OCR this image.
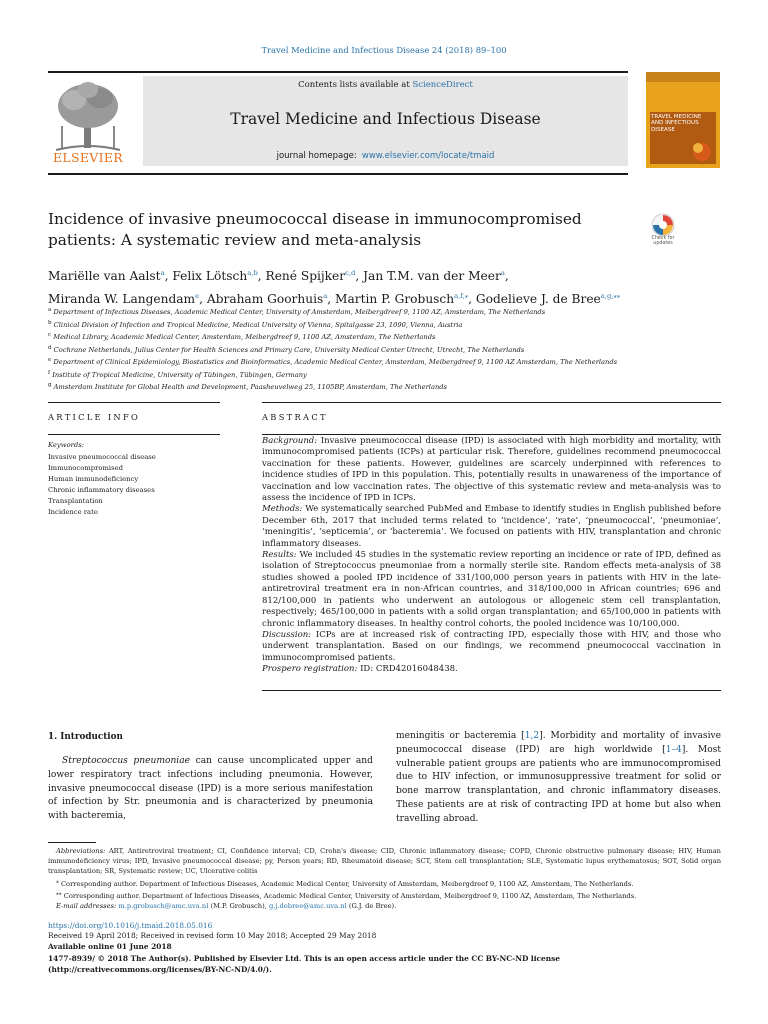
Travel Medicine and Infectious Disease 24 (2018) 89–100
ELSEVIER
Contents lists available at ScienceDirect
Travel Medicine and Infectious Disease
journal homepage: www.elsevier.com/locate/tmaid
TRAVEL MEDICINE
AND INFECTIOUS
DISEASE
Incidence of invasive pneumococcal disease in immunocompromised
patients: A systematic review and meta-analysis	Check for
updates
Mariëlle van Aalst$^a$, Felix Lötsch$^{a,b}$, René Spijker$^{c,d}$, Jan T.M. van der Meer$^a$,
Miranda W. Langendam$^e$, Abraham Goorhuis$^a$, Martin P. Grobusch$^{a,f,⁎}$, Godelieve J. de Bree$^{a,g,⁎⁎}$
$^a$ Department of Infectious Diseases, Academic Medical Center, University of Amsterdam, Meibergdreef 9, 1100 AZ, Amsterdam, The Netherlands
$^b$ Clinical Division of Infection and Tropical Medicine, Medical University of Vienna, Spitalgasse 23, 1090, Vienna, Austria
$^c$ Medical Library, Academic Medical Center, Amsterdam, Meibergdreef 9, 1100 AZ, Amsterdam, The Netherlands
$^d$ Cochrane Netherlands, Julius Center for Health Sciences and Primary Care, University Medical Center Utrecht, Utrecht, The Netherlands
$^e$ Department of Clinical Epidemiology, Biostatistics and Bioinformatics, Academic Medical Center, Amsterdam, Meibergdreef 9, 1100 AZ Amsterdam, The Netherlands
$^f$ Institute of Tropical Medicine, University of Tübingen, Tübingen, Germany
$^g$ Amsterdam Institute for Global Health and Development, Paasheuvelweg 25, 1105BP, Amsterdam, The Netherlands
ARTICLE INFO	ABSTRACT
Keywords:
Invasive pneumococcal disease
Immunocompromised
Human immunodeficiency
Chronic inflammatory diseases
Transplantation
Incidence rate

Background: Invasive pneumococcal disease (IPD) is associated with high morbidity and mortality, with immunocompromised patients (ICPs) at particular risk. Therefore, guidelines recommend pneumococcal vaccination for these patients. However, guidelines are scarcely underpinned with references to incidence studies of IPD in this population. This, potentially results in unawareness of the importance of vaccination and low vaccination rates. The objective of this systematic review and meta-analysis was to assess the incidence of IPD in ICPs.

Methods: We systematically searched PubMed and Embase to identify studies in English published before December 6th, 2017 that included terms related to ‘incidence’, ‘rate’, ‘pneumococcal’, ‘pneumoniae’, ‘meningitis’, ‘septicemia’, or ‘bacteremia’. We focused on patients with HIV, transplantation and chronic inflammatory diseases.

Results: We included 45 studies in the systematic review reporting an incidence or rate of IPD, defined as isolation of Streptococcus pneumoniae from a normally sterile site. Random effects meta-analysis of 38 studies showed a pooled IPD incidence of 331/100,000 person years in patients with HIV in the late-antiretroviral treatment era in non-African countries, and 318/100,000 in African countries; 696 and 812/100,000 in patients who underwent an autologous or allogeneic stem cell transplantation, respectively; 465/100,000 in patients with a solid organ transplantation; and 65/100,000 in patients with chronic inflammatory diseases. In healthy control cohorts, the pooled incidence was 10/100,000.

Discussion: ICPs are at increased risk of contracting IPD, especially those with HIV, and those who underwent transplantation. Based on our findings, we recommend pneumococcal vaccination in immunocompromised patients.

Prospero registration: ID: CRD42016048438.

1. Introduction
Streptococcus pneumoniae can cause uncomplicated upper and lower respiratory tract infections including pneumonia. However, invasive pneumococcal disease (IPD) is a more serious manifestation of infection by Str. pneumonia and is characterized by pneumonia with bacteremia,
meningitis or bacteremia [1,2]. Morbidity and mortality of invasive pneumococcal disease (IPD) are high worldwide [1–4]. Most vulnerable patient groups are patients who are immunocompromised due to HIV infection, or immunosuppressive treatment for solid or bone marrow transplantation, and chronic inflammatory diseases. These patients are at risk of contracting IPD at home but also when travelling abroad.

Abbreviations: ART, Antiretroviral treatment; CI, Confidence interval; CD, Crohn's disease; CID, Chronic inflammatory disease; COPD, Chronic obstructive pulmonary disease; HIV, Human immunodeficiency virus; IPD, Invasive pneumococcal disease; py, Person years; RD, Rheumatoid disease; SCT, Stem cell transplantation; SLE, Systematic lupus erythematosus; SOT, Solid organ transplantation; SR, Systematic review; UC, Ulcerative colitis

⁎ Corresponding author. Department of Infectious Diseases, Academic Medical Center, University of Amsterdam, Meibergdreef 9, 1100 AZ, Amsterdam, The Netherlands.

⁎⁎ Corresponding author. Department of Infectious Diseases, Academic Medical Center, University of Amsterdam, Meibergdreef 9, 1100 AZ, Amsterdam, The Netherlands.

E-mail addresses: m.p.grobusch@amc.uva.nl (M.P. Grobusch), g.j.debree@amc.uva.nl (G.J. de Bree).

https://doi.org/10.1016/j.tmaid.2018.05.016

Received 19 April 2018; Received in revised form 10 May 2018; Accepted 29 May 2018

Available online 01 June 2018

1477-8939/ © 2018 The Author(s). Published by Elsevier Ltd. This is an open access article under the CC BY-NC-ND license

(http://creativecommons.org/licenses/BY-NC-ND/4.0/).
